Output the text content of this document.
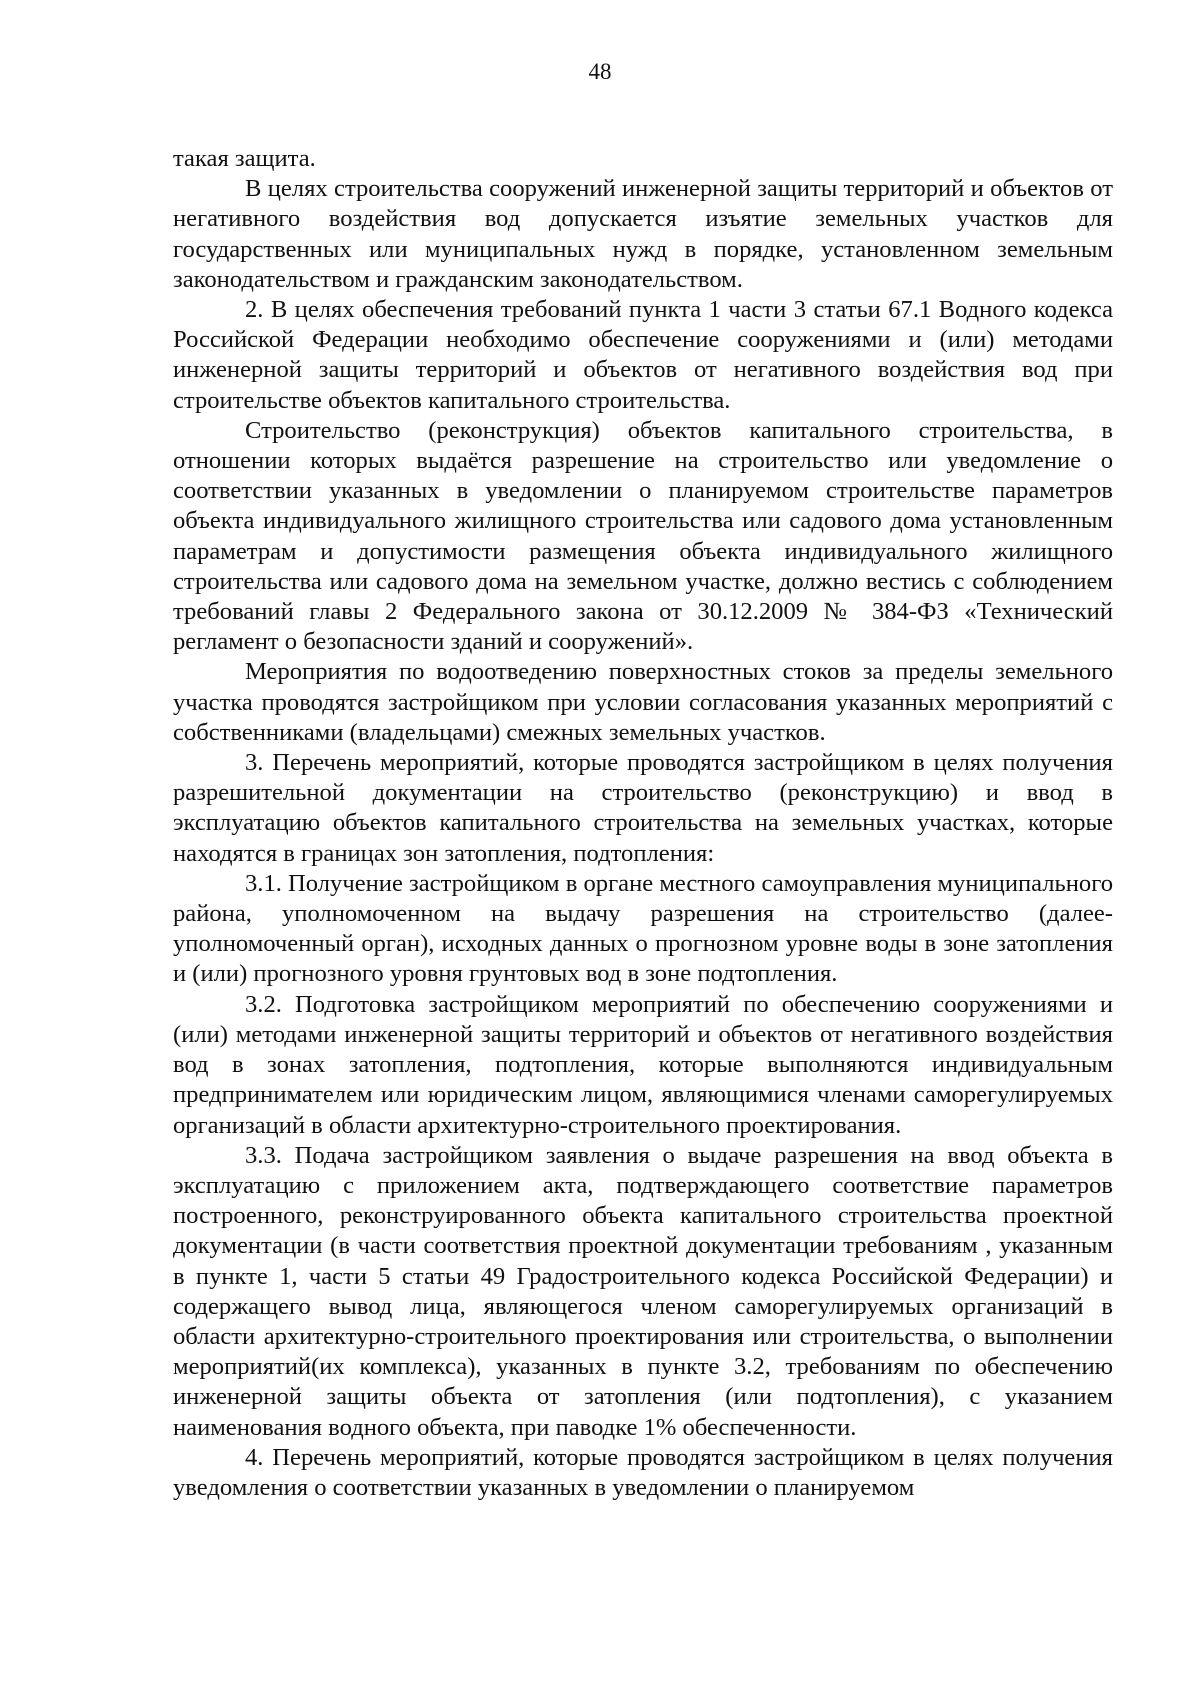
48

такая защита.

В целях строительства сооружений инженерной защиты территорий и объектов от негативного воздействия вод допускается изъятие земельных участков для государственных или муниципальных нужд в порядке, установленном земельным законодательством и гражданским законодательством.

2. В целях обеспечения требований пункта 1 части 3 статьи 67.1 Водного кодекса Российской Федерации необходимо обеспечение сооружениями и (или) методами инженерной защиты территорий и объектов от негативного воздействия вод при строительстве объектов капитального строительства.

Строительство (реконструкция) объектов капитального строительства, в отношении которых выдаётся разрешение на строительство или уведомление о соответствии указанных в уведомлении о планируемом строительстве параметров объекта индивидуального жилищного строительства или садового дома установленным параметрам и допустимости размещения объекта индивидуального жилищного строительства или садового дома на земельном участке, должно вестись с соблюдением требований главы 2 Федерального закона от 30.12.2009 № 384-ФЗ «Технический регламент о безопасности зданий и сооружений».

Мероприятия по водоотведению поверхностных стоков за пределы земельного участка проводятся застройщиком при условии согласования указанных мероприятий с собственниками (владельцами) смежных земельных участков.

3. Перечень мероприятий, которые проводятся застройщиком в целях получения разрешительной документации на строительство (реконструкцию) и ввод в эксплуатацию объектов капитального строительства на земельных участках, которые находятся в границах зон затопления, подтопления:

3.1. Получение застройщиком в органе местного самоуправления муниципального района, уполномоченном на выдачу разрешения на строительство (далее- уполномоченный орган), исходных данных о прогнозном уровне воды в зоне затопления и (или) прогнозного уровня грунтовых вод в зоне подтопления.

3.2. Подготовка застройщиком мероприятий по обеспечению сооружениями и (или) методами инженерной защиты территорий и объектов от негативного воздействия вод в зонах затопления, подтопления, которые выполняются индивидуальным предпринимателем или юридическим лицом, являющимися членами саморегулируемых организаций в области архитектурно-строительного проектирования.

3.3. Подача застройщиком заявления о выдаче разрешения на ввод объекта в эксплуатацию с приложением акта, подтверждающего соответствие параметров построенного, реконструированного объекта капитального строительства проектной документации (в части соответствия проектной документации требованиям , указанным в пункте 1, части 5 статьи 49 Градостроительного кодекса Российской Федерации) и содержащего вывод лица, являющегося членом саморегулируемых организаций в области архитектурно-строительного проектирования или строительства, о выполнении мероприятий(их комплекса), указанных в пункте 3.2, требованиям по обеспечению инженерной защиты объекта от затопления (или подтопления), с указанием наименования водного объекта, при паводке 1% обеспеченности.

4. Перечень мероприятий, которые проводятся застройщиком в целях получения уведомления о соответствии указанных в уведомлении о планируемом
